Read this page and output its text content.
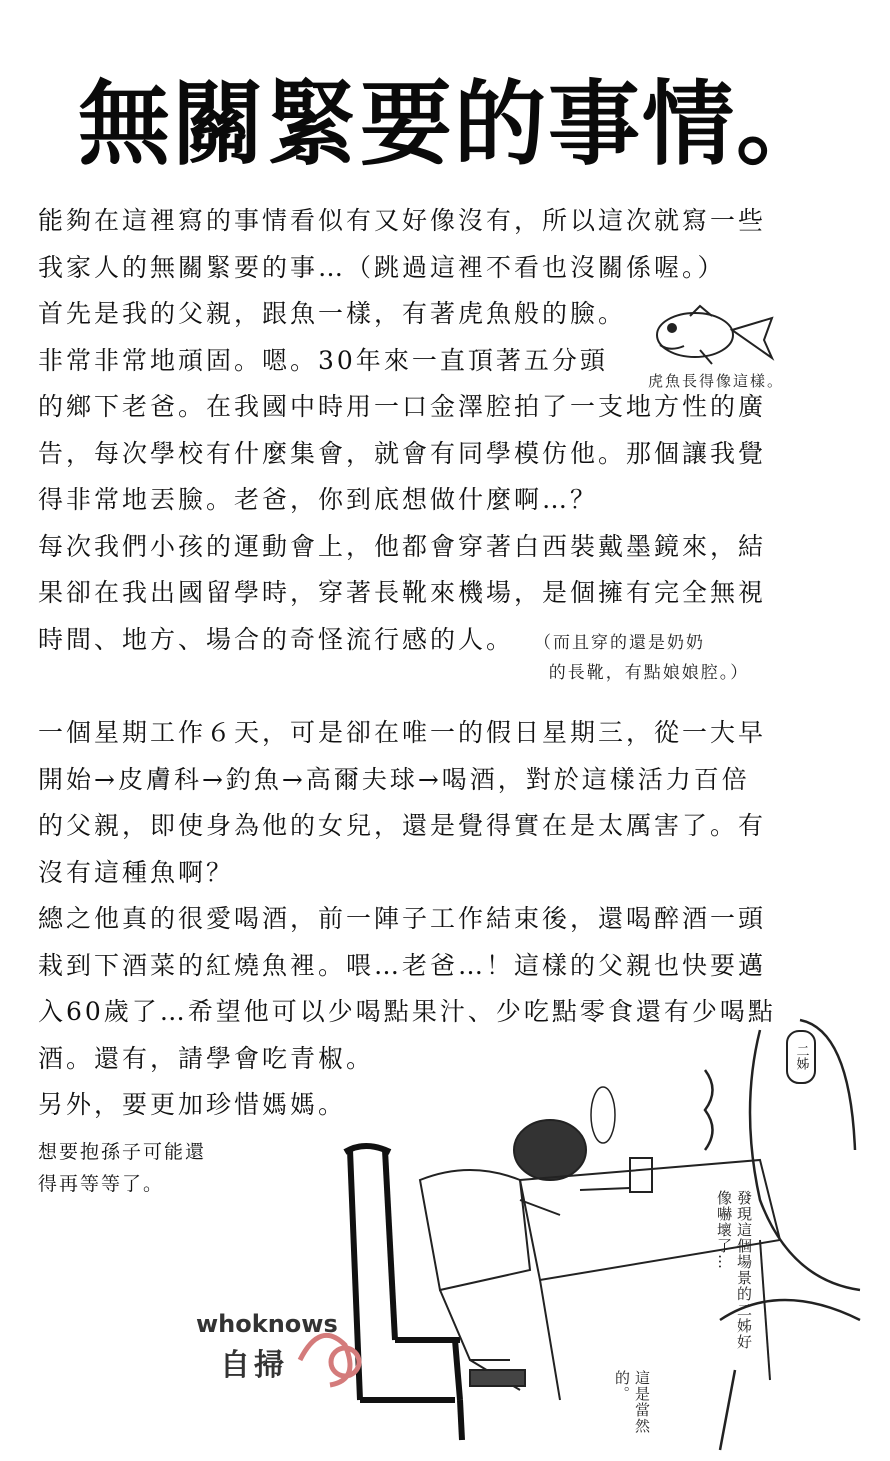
無關緊要的事情。
能夠在這裡寫的事情看似有又好像沒有，所以這次就寫一些
我家人的無關緊要的事…（跳過這裡不看也沒關係喔。）
首先是我的父親，跟魚一樣，有著虎魚般的臉。
非常非常地頑固。嗯。30年來一直頂著五分頭
的鄉下老爸。在我國中時用一口金澤腔拍了一支地方性的廣
告，每次學校有什麼集會，就會有同學模仿他。那個讓我覺
得非常地丟臉。老爸，你到底想做什麼啊…？
每次我們小孩的運動會上，他都會穿著白西裝戴墨鏡來，結
果卻在我出國留學時，穿著長靴來機場，是個擁有完全無視
時間、地方、場合的奇怪流行感的人。
虎魚長得像這樣。
（而且穿的還是奶奶
的長靴，有點娘娘腔。）
一個星期工作６天，可是卻在唯一的假日星期三，從一大早
開始→皮膚科→釣魚→高爾夫球→喝酒，對於這樣活力百倍
的父親，即使身為他的女兒，還是覺得實在是太厲害了。有
沒有這種魚啊？
總之他真的很愛喝酒，前一陣子工作結束後，還喝醉酒一頭
栽到下酒菜的紅燒魚裡。喂…老爸…！這樣的父親也快要邁
入60歲了…希望他可以少喝點果汁、少吃點零食還有少喝點
酒。還有，請學會吃青椒。
另外，要更加珍惜媽媽。
想要抱孫子可能還
得再等等了。
二姊
發現這個場景的二姊好像嚇壞了…
這是當然的。
whoknows
自掃
